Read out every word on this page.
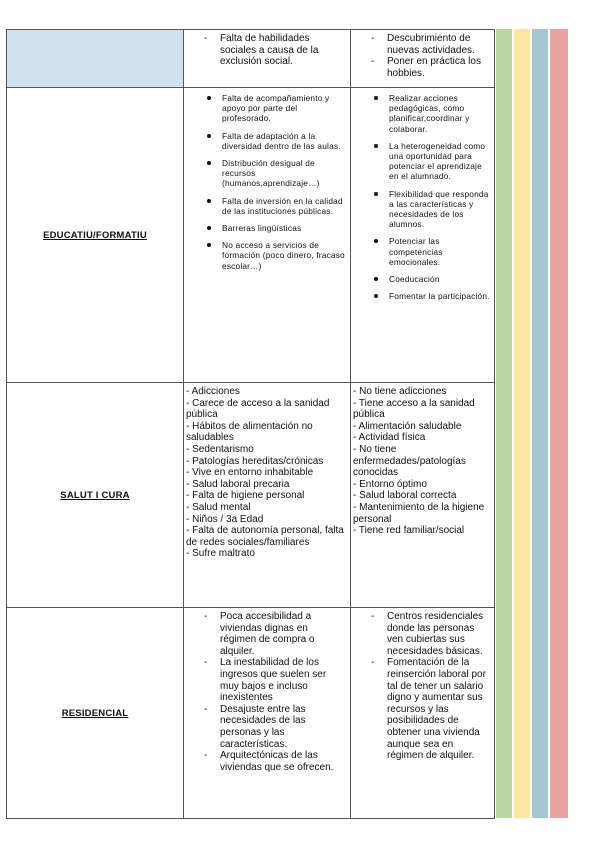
- Falta de habilidades sociales a causa de la exclusión social.
- Descubrimiento de nuevas actividades.
- Poner en práctica los hobbies.
EDUCATIU/FORMATIU
Falta de acompañamiento y apoyo por parte del profesorado.
Falta de adaptación a la diversidad dentro de las aulas.
Distribución desigual de recursos (humanos,aprendizaje…)
Falta de inversión en la calidad de las instituciones públicas.
Barreras lingüísticas
No acceso a servicios de formación (poco dinero, fracaso escolar…)
Realizar acciones pedagógicas, como planificar,coordinar y colaborar.
La heterogeneidad como una oportunidad para potenciar el aprendizaje en el alumnado.
Flexibilidad que responda a las características y necesidades de los alumnos.
Potenciar las competencias emocionales.
Coeducación
Fomentar la participación.
SALUT I CURA
- Adicciones
- Carece de acceso a la sanidad pública
- Hábitos de alimentación no saludables
- Sedentarismo
- Patologías hereditas/crónicas
- Vive en entorno inhabitable
- Salud laboral precaria
- Falta de higiene personal
- Salud mental
- Niños / 3a Edad
- Falta de autonomía personal, falta de redes sociales/familiares
- Sufre maltrato
- No tiene adicciones
- Tiene acceso a la sanidad pública
- Alimentación saludable
- Actividad física
- No tiene enfermedades/patologías conocidas
- Entorno óptimo
- Salud laboral correcta
- Mantenimiento de la higiene personal
- Tiene red familiar/social
RESIDENCIAL
- Poca accesibilidad a viviendas dignas en régimen de compra o alquiler.
- La inestabilidad de los ingresos que suelen ser muy bajos e incluso inexistentes
- Desajuste entre las necesidades de las personas y las características.
- Arquitectónicas de las viviendas que se ofrecen.
- Centros residenciales donde las personas ven cubiertas sus necesidades básicas.
- Fomentación de la reinserción laboral por tal de tener un salario digno y aumentar sus recursos y las posibilidades de obtener una vivienda aunque sea en régimen de alquiler.
